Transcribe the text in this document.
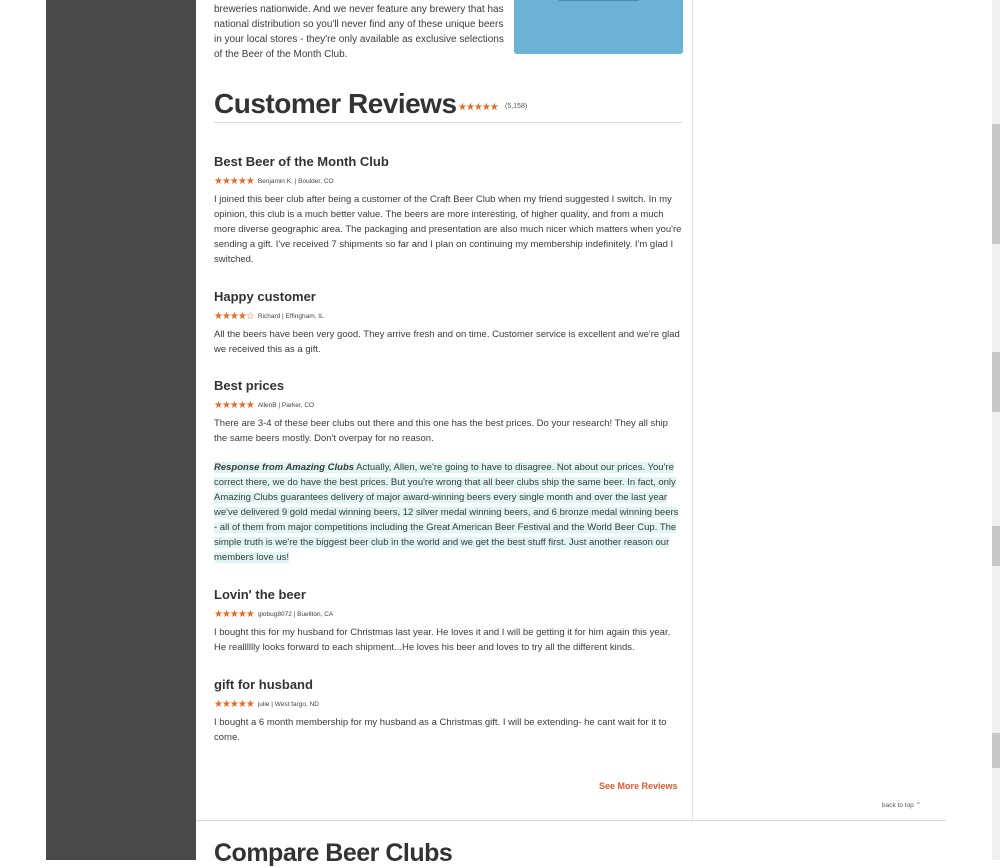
breweries nationwide. And we never feature any brewery that has national distribution so you'll never find any of these unique beers in your local stores - they're only available as exclusive selections of the Beer of the Month Club.

Customer Reviews ★★★★★ (5,158)
Best Beer of the Month Club
★★★★★ Benjamin K. | Boulder, CO
I joined this beer club after being a customer of the Craft Beer Club when my friend suggested I switch. In my opinion, this club is a much better value. The beers are more interesting, of higher quality, and from a much more diverse geographic area. The packaging and presentation are also much nicer which matters when you're sending a gift. I've received 7 shipments so far and I plan on continuing my membership indefinitely. I'm glad I switched.
Happy customer
★★★★☆ Richard | Effingham, IL
All the beers have been very good. They arrive fresh and on time. Customer service is excellent and we're glad we received this as a gift.
Best prices
★★★★★ AllenB | Parker, CO
There are 3-4 of these beer clubs out there and this one has the best prices. Do your research! They all ship the same beers mostly. Don't overpay for no reason.
Response from Amazing Clubs Actually, Allen, we're going to have to disagree. Not about our prices. You're correct there, we do have the best prices. But you're wrong that all beer clubs ship the same beer. In fact, only Amazing Clubs guarantees delivery of major award-winning beers every single month and over the last year we've delivered 9 gold medal winning beers, 12 silver medal winning beers, and 6 bronze medal winning beers - all of them from major competitions including the Great American Beer Festival and the World Beer Cup. The simple truth is we're the biggest beer club in the world and we get the best stuff first. Just another reason our members love us!
Lovin' the beer
★★★★★ globug8072 | Buellton, CA
I bought this for my husband for Christmas last year. He loves it and I will be getting it for him again this year. He realllllly looks forward to each shipment...He loves his beer and loves to try all the different kinds.
gift for husband
★★★★★ julie | West fargo, ND
I bought a 6 month membership for my husband as a Christmas gift. I will be extending- he cant wait for it to come.
See More Reviews
back to top ⌃
Compare Beer Clubs
